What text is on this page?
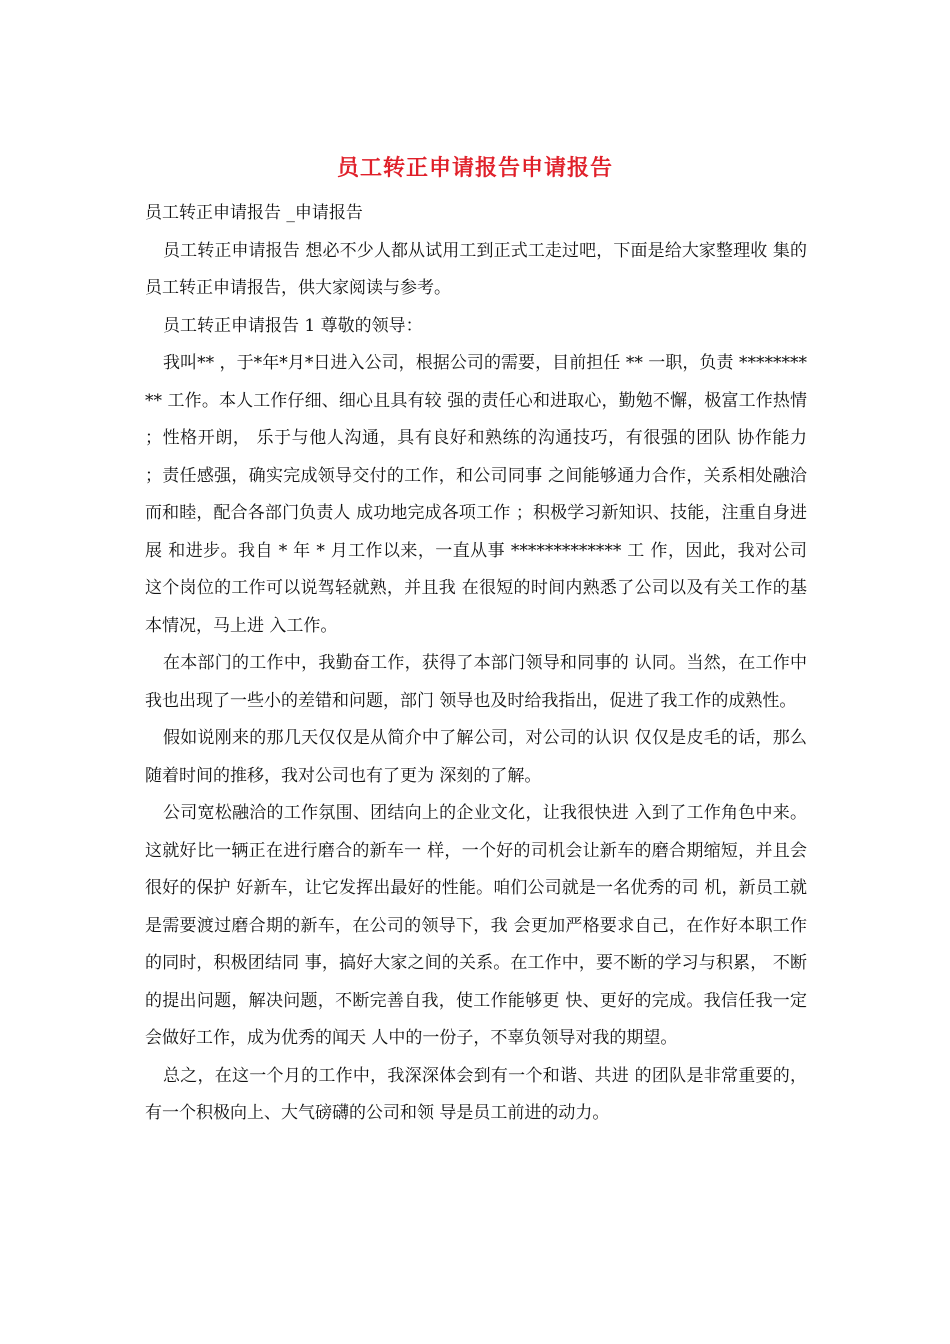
员工转正申请报告申请报告

员工转正申请报告 _申请报告

员工转正申请报告 想必不少人都从试用工到正式工走过吧，下面是给大家整理收 集的员工转正申请报告，供大家阅读与参考。

员工转正申请报告 1 尊敬的领导：

我叫** ，于*年*月*日进入公司，根据公司的需要，目前担任 ** 一职，负责 ********** 工作。本人工作仔细、细心且具有较 强的责任心和进取心，勤勉不懈，极富工作热情 ；性格开朗， 乐于与他人沟通，具有良好和熟练的沟通技巧，有很强的团队 协作能力 ；责任感强，确实完成领导交付的工作，和公司同事 之间能够通力合作，关系相处融洽而和睦，配合各部门负责人 成功地完成各项工作 ；积极学习新知识、技能，注重自身进展 和进步。我自 * 年 * 月工作以来，一直从事 ************* 工 作，因此，我对公司这个岗位的工作可以说驾轻就熟，并且我 在很短的时间内熟悉了公司以及有关工作的基本情况，马上进 入工作。

在本部门的工作中，我勤奋工作，获得了本部门领导和同事的 认同。当然，在工作中我也出现了一些小的差错和问题，部门 领导也及时给我指出，促进了我工作的成熟性。

假如说刚来的那几天仅仅是从简介中了解公司，对公司的认识 仅仅是皮毛的话，那么随着时间的推移，我对公司也有了更为 深刻的了解。

公司宽松融洽的工作氛围、团结向上的企业文化，让我很快进 入到了工作角色中来。这就好比一辆正在进行磨合的新车一 样，一个好的司机会让新车的磨合期缩短，并且会很好的保护 好新车，让它发挥出最好的性能。咱们公司就是一名优秀的司 机，新员工就是需要渡过磨合期的新车，在公司的领导下，我 会更加严格要求自己，在作好本职工作的同时，积极团结同 事，搞好大家之间的关系。在工作中，要不断的学习与积累， 不断的提出问题，解决问题，不断完善自我，使工作能够更 快、更好的完成。我信任我一定会做好工作，成为优秀的闻天 人中的一份子，不辜负领导对我的期望。

总之，在这一个月的工作中，我深深体会到有一个和谐、共进 的团队是非常重要的，有一个积极向上、大气磅礴的公司和领 导是员工前进的动力。
